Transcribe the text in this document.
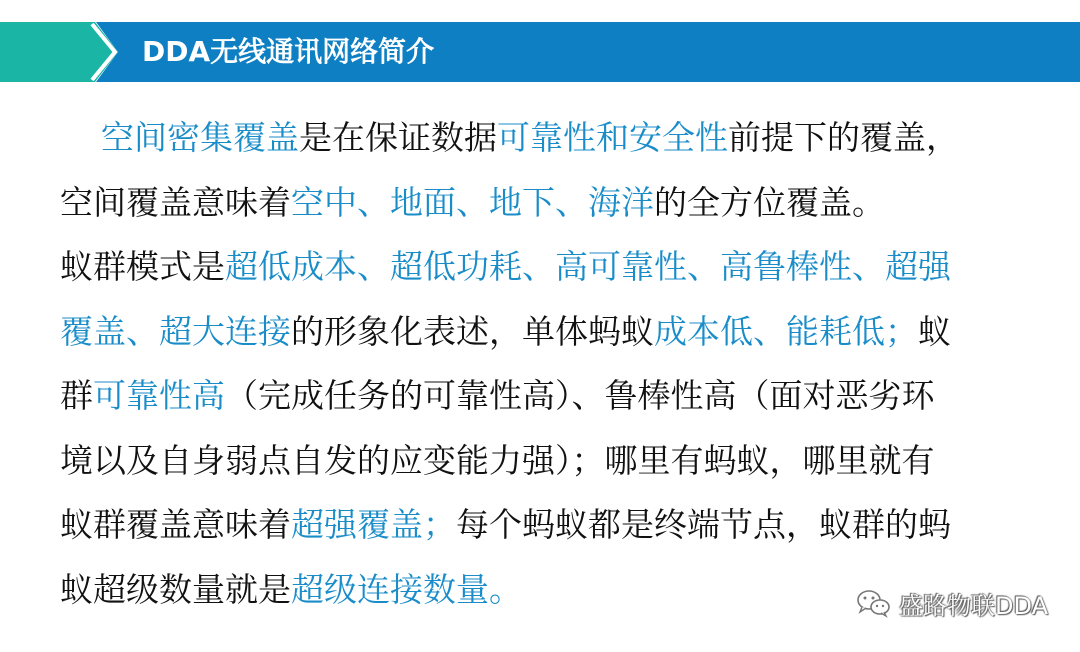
DDA无线通讯网络简介
空间密集覆盖是在保证数据可靠性和安全性前提下的覆盖，
空间覆盖意味着空中、地面、地下、海洋的全方位覆盖。
蚁群模式是超低成本、超低功耗、高可靠性、高鲁棒性、超强
覆盖、超大连接的形象化表述，单体蚂蚁成本低、能耗低；蚁
群可靠性高（完成任务的可靠性高）、鲁棒性高（面对恶劣环
境以及自身弱点自发的应变能力强）；哪里有蚂蚁，哪里就有
蚁群覆盖意味着超强覆盖；每个蚂蚁都是终端节点，蚁群的蚂
蚁超级数量就是超级连接数量。	盛路物联DDA
